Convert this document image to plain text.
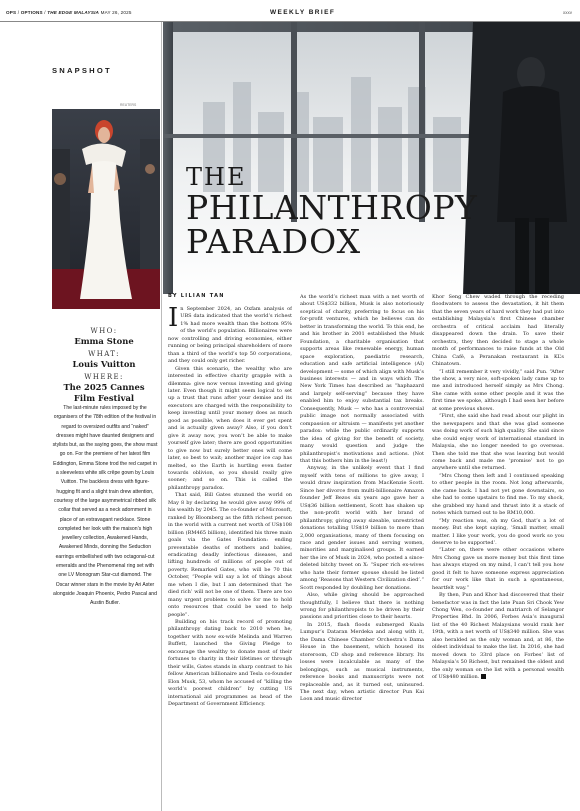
OPS / OPTIONS / THE EDGE MALAYSIA MAY 26, 2025	WEEKLY BRIEF	xxxv
SNAPSHOT
REUTERS
WHO:
Emma Stone
WHAT:
Louis Vuitton
WHERE:
The 2025 Cannes Film Festival
The last-minute rules imposed by the organisers of the 78th edition of the festival in regard to oversized outfits and “naked” dresses might have daunted designers and stylists but, as the saying goes, the show must go on. For the premiere of her latest film Eddington, Emma Stone trod the red carpet in a sleeveless white silk crêpe gown by Louis Vuitton. The backless dress with figure-hugging fit and a slight train drew attention, courtesy of the large asymmetrical ribbed silk collar that served as a neck adornment in place of an extravagant necklace. Stone completed her look with the maison’s high jewellery collection, Awakened Hands, Awakened Minds, donning the Seduction earrings embellished with two octagonal-cut emeralds and the Phenomenal ring set with one LV Monogram Star-cut diamond. The Oscar winner stars in the movie by Ari Aster alongside Joaquin Phoenix, Pedro Pascal and Austin Butler.
THE
PHILANTHROPY
PARADOX
BY LILIAN TAN

In September 2024, an Oxfam analysis of UBS data indicated that the world’s richest 1% had more wealth than the bottom 95% of the world’s population. Billionaires were now controlling and driving economies, either running or being principal shareholders of more than a third of the world’s top 50 corporations, and they could only get richer.

Given this scenario, the wealthy who are interested in effective charity grapple with a dilemma: give now versus investing and giving later. Even though it might seem logical to set up a trust that runs after your demise and its executors are charged with the responsibility to keep investing until your money does as much good as possible, when does it ever get spent and is actually given away? Also, if you don’t give it away now, you won’t be able to make yourself give later; there are good opportunities to give now but surely better ones will come later, so best to wait; another major ice cap has melted, so the Earth is hurtling even faster towards oblivion, so you should really give sooner; and so on. This is called the philanthropy paradox.

That said, Bill Gates stunned the world on May 8 by declaring he would give away 99% of his wealth by 2045. The co-founder of Microsoft, ranked by Bloomberg as the fifth richest person in the world with a current net worth of US$108 billion (RM465 billion), identified his three main goals via the Gates Foundation: ending preventable deaths of mothers and babies, eradicating deadly infectious diseases, and lifting hundreds of millions of people out of poverty. Remarked Gates, who will be 70 this October, “People will say a lot of things about me when I die, but I am determined that ‘he died rich’ will not be one of them. There are too many urgent problems to solve for me to hold onto resources that could be used to help people”.

Building on his track record of promoting philanthropy dating back to 2010 when he, together with now ex-wife Melinda and Warren Buffett, launched the Giving Pledge to encourage the wealthy to donate most of their fortunes to charity in their lifetimes or through their wills, Gates stands in sharp contrast to his fellow American billionaire and Tesla co-founder Elon Musk, 53, whom he accused of “killing the world’s poorest children” by cutting US international aid programmes as head of the Department of Government Efficiency.

As the world’s richest man with a net worth of about US$332 billion, Musk is also notoriously sceptical of charity, preferring to focus on his for-profit ventures, which he believes can do better in transforming the world. To this end, he and his brother in 2001 established the Musk Foundation, a charitable organisation that supports areas like renewable energy, human space exploration, paediatric research, education and safe artificial intelligence (AI) development — some of which align with Musk’s business interests — and in ways which The New York Times has described as “haphazard and largely self-serving” because they have enabled him to enjoy substantial tax breaks. Consequently, Musk — who has a controversial public image not normally associated with compassion or altruism — manifests yet another paradox: while the public ordinarily supports the idea of giving for the benefit of society, many would question and judge the philanthropist’s motivations and actions. (Not that this bothers him in the least!)

Anyway, in the unlikely event that I find myself with tens of millions to give away, I would draw inspiration from MacKenzie Scott. Since her divorce from multi-billionaire Amazon founder Jeff Bezos six years ago gave her a US$36 billion settlement, Scott has shaken up the non-profit world with her brand of philanthropy, giving away sizeable, unrestricted donations totalling US$19 billion to more than 2,000 organisations, many of them focusing on race and gender issues and serving women, minorities and marginalised groups. It earned her the ire of Musk in 2024, who posted a since-deleted bitchy tweet on X: “Super rich ex-wives who hate their former spouse should be listed among ‘Reasons that Western Civilization died’.” Scott responded by doubling her donations.

Also, while giving should be approached thoughtfully, I believe that there is nothing wrong for philanthropists to be driven by their passions and priorities close to their hearts.

In 2015, flash floods submerged Kuala Lumpur’s Dataran Merdeka and along with it, the Dama Chinese Chamber Orchestra’s Dama House in the basement, which housed its storeroom, CD shop and reference library. Its losses were incalculable as many of the belongings, such as musical instruments, reference books and manuscripts were not replaceable and, as it turned out, uninsured. The next day, when artistic director Pun Kai Loon and music director

Khor Seng Chew waded through the receding floodwaters to assess the devastation, it hit them that the seven years of hard work they had put into establishing Malaysia’s first Chinese chamber orchestra of critical acclaim had literally disappeared down the drain. To save their orchestra, they then decided to stage a whole month of performances to raise funds at the Old China Café, a Peranakan restaurant in KL’s Chinatown.

“I still remember it very vividly,” said Pun. “After the show, a very nice, soft-spoken lady came up to me and introduced herself simply as Mrs Chong. She came with some other people and it was the first time we spoke, although I had seen her before at some previous shows.

“First, she said she had read about our plight in the newspapers and that she was glad someone was doing work of such high quality. She said since she could enjoy work of international standard in Malaysia, she no longer needed to go overseas. Then she told me that she was leaving but would come back and made me ‘promise’ not to go anywhere until she returned.

“Mrs Chong then left and I continued speaking to other people in the room. Not long afterwards, she came back. I had not yet gone downstairs, so she had to come upstairs to find me. To my shock, she grabbed my hand and thrust into it a stack of notes which turned out to be RM10,000.

“My reaction was, oh my God, that’s a lot of money. But she kept saying, ‘Small matter, small matter. I like your work, you do good work so you deserve to be supported’.

“Later on, there were other occasions where Mrs Chong gave us more money but this first time has always stayed on my mind, I can’t tell you how good it felt to have someone express appreciation for our work like that in such a spontaneous, heartfelt way.”

By then, Pun and Khor had discovered that their benefactor was in fact the late Puan Sri Chook Yew Chong Wen, co-founder and matriarch of Selangor Properties Bhd. In 2006, Forbes Asia’s inaugural list of the 40 Richest Malaysians would rank her 19th, with a net worth of US$340 million. She was also heralded as the only woman and, at 86, the oldest individual to make the list. In 2016, she had moved down to 33rd place on Forbes’ list of Malaysia’s 50 Richest, but remained the oldest and the only woman on the list with a personal wealth of US$480 million.
